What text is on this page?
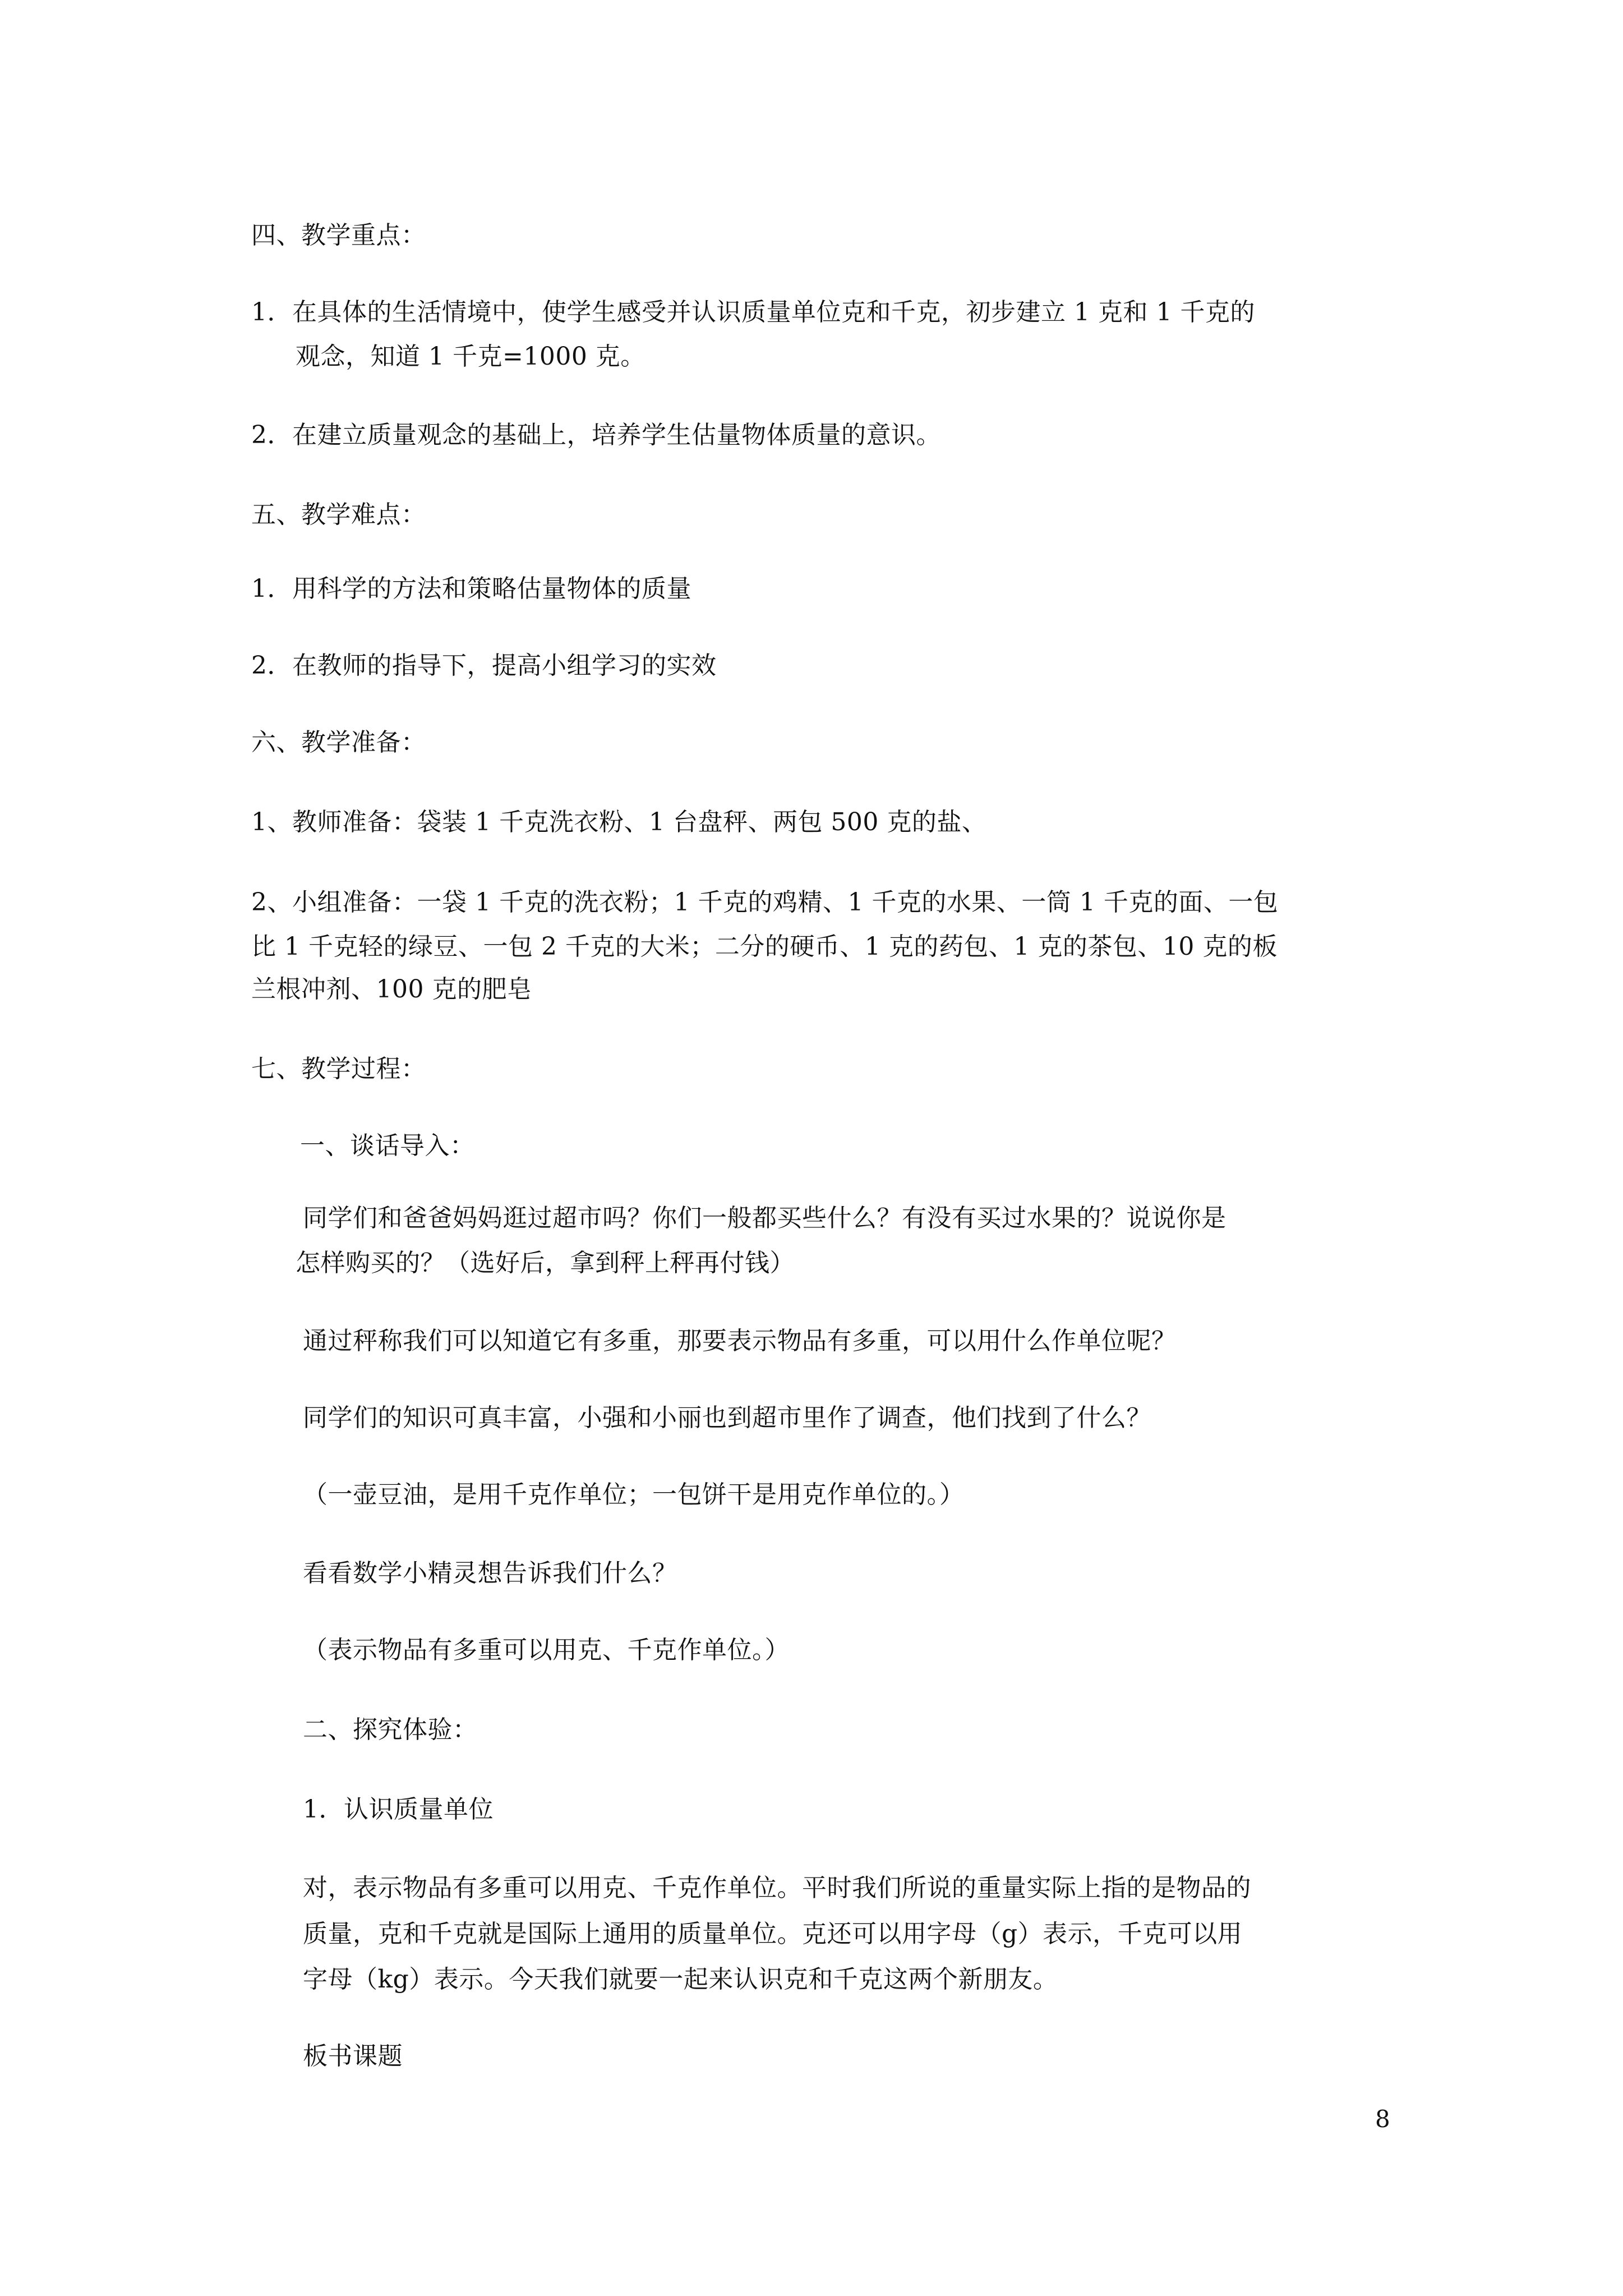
四、教学重点：
1．在具体的生活情境中，使学生感受并认识质量单位克和千克，初步建立 1 克和 1 千克的
观念，知道 1 千克=1000 克。
2．在建立质量观念的基础上，培养学生估量物体质量的意识。
五、教学难点：
1．用科学的方法和策略估量物体的质量
2．在教师的指导下，提高小组学习的实效
六、教学准备：
1、教师准备：袋装 1 千克洗衣粉、1 台盘秤、两包 500 克的盐、
2、小组准备：一袋 1 千克的洗衣粉；1 千克的鸡精、1 千克的水果、一筒 1 千克的面、一包
比 1 千克轻的绿豆、一包 2 千克的大米；二分的硬币、1 克的药包、1 克的茶包、10 克的板
兰根冲剂、100 克的肥皂
七、教学过程：
一、谈话导入：
同学们和爸爸妈妈逛过超市吗？你们一般都买些什么？有没有买过水果的？说说你是
怎样购买的？（选好后，拿到秤上秤再付钱）
通过秤称我们可以知道它有多重，那要表示物品有多重，可以用什么作单位呢？
同学们的知识可真丰富，小强和小丽也到超市里作了调查，他们找到了什么？
（一壶豆油，是用千克作单位；一包饼干是用克作单位的。）
看看数学小精灵想告诉我们什么？
（表示物品有多重可以用克、千克作单位。）
二、探究体验：
1．认识质量单位
对，表示物品有多重可以用克、千克作单位。平时我们所说的重量实际上指的是物品的
质量，克和千克就是国际上通用的质量单位。克还可以用字母（g）表示，千克可以用
字母（kg）表示。今天我们就要一起来认识克和千克这两个新朋友。
板书课题
8
